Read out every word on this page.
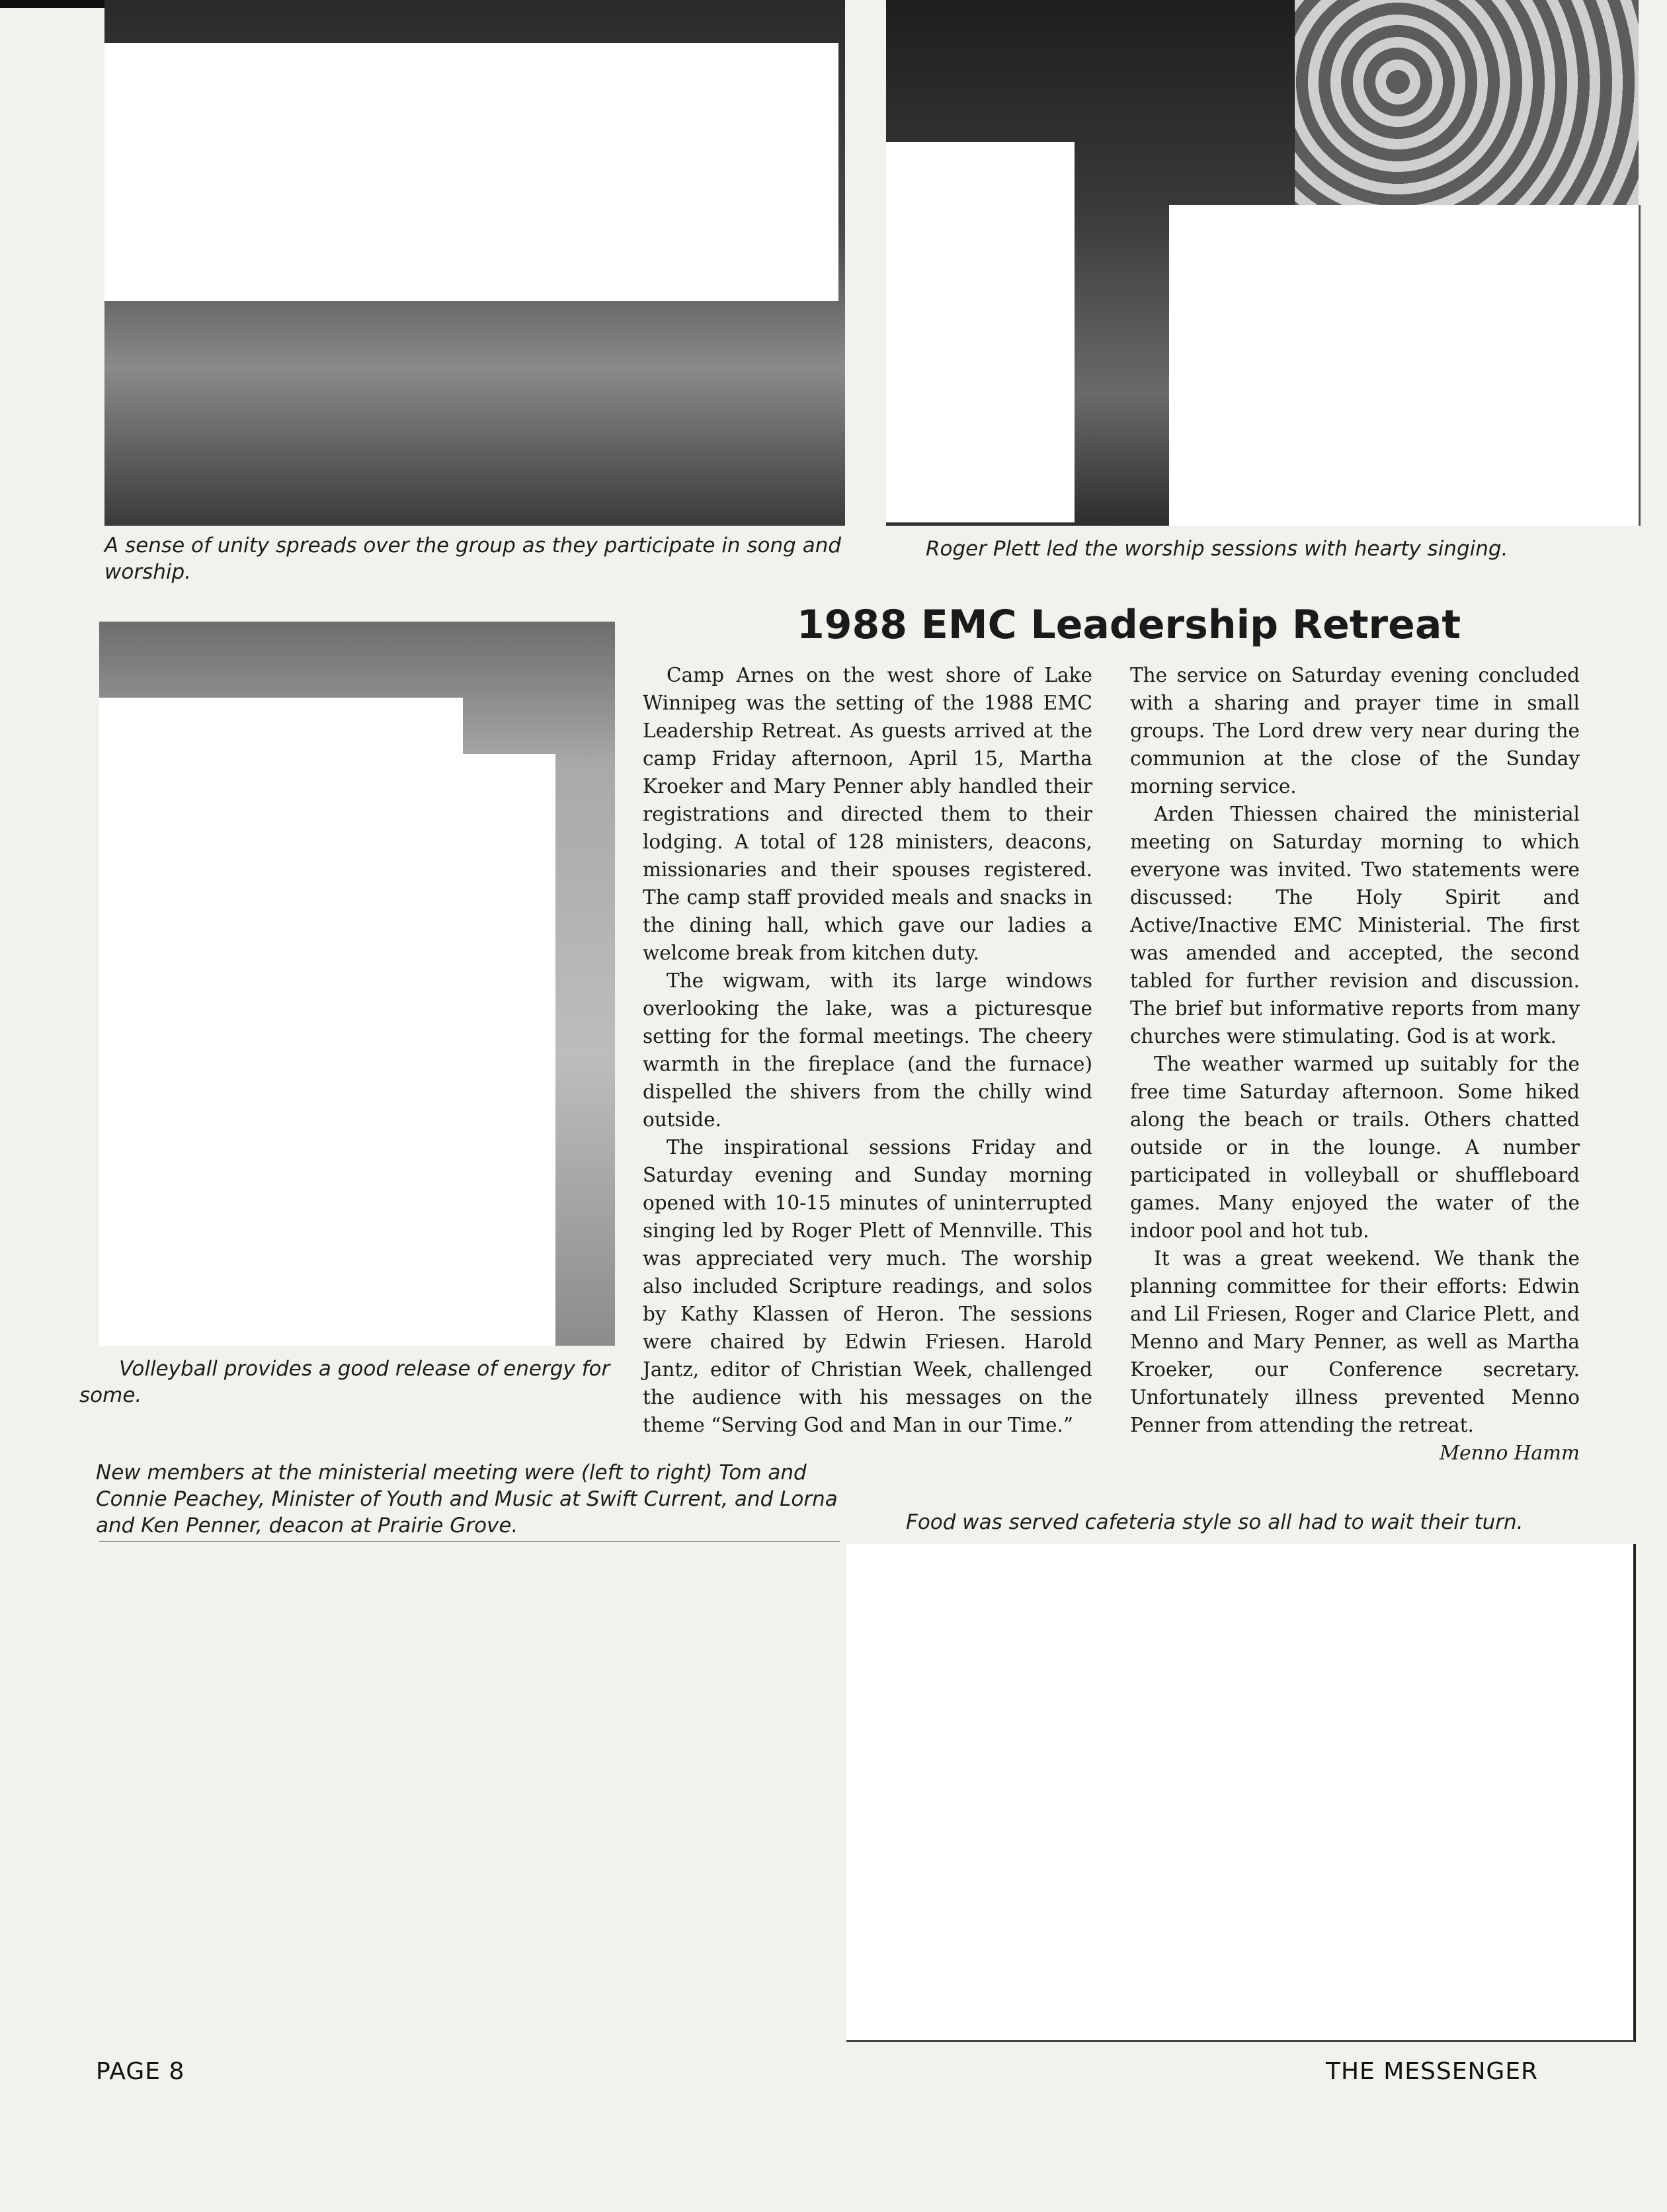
A sense of unity spreads over the group as they participate in song and worship.

Roger Plett led the worship sessions with hearty singing.

Volleyball provides a good release of energy for some.

1988 EMC Leadership Retreat

Camp Arnes on the west shore of Lake Winnipeg was the setting of the 1988 EMC Leadership Retreat. As guests arrived at the camp Friday afternoon, April 15, Martha Kroeker and Mary Penner ably handled their registrations and directed them to their lodging. A total of 128 ministers, deacons, missionaries and their spouses registered. The camp staff provided meals and snacks in the dining hall, which gave our ladies a welcome break from kitchen duty.

The wigwam, with its large windows overlooking the lake, was a picturesque setting for the formal meetings. The cheery warmth in the fireplace (and the furnace) dispelled the shivers from the chilly wind outside.

The inspirational sessions Friday and Saturday evening and Sunday morning opened with 10-15 minutes of uninterrupted singing led by Roger Plett of Mennville. This was appreciated very much. The worship also included Scripture readings, and solos by Kathy Klassen of Heron. The sessions were chaired by Edwin Friesen. Harold Jantz, editor of Christian Week, challenged the audience with his messages on the theme “Serving God and Man in our Time.”

The service on Saturday evening concluded with a sharing and prayer time in small groups. The Lord drew very near during the communion at the close of the Sunday morning service.

Arden Thiessen chaired the ministerial meeting on Saturday morning to which everyone was invited. Two statements were discussed: The Holy Spirit and Active/Inactive EMC Ministerial. The first was amended and accepted, the second tabled for further revision and discussion. The brief but informative reports from many churches were stimulating. God is at work.

The weather warmed up suitably for the free time Saturday afternoon. Some hiked along the beach or trails. Others chatted outside or in the lounge. A number participated in volleyball or shuffleboard games. Many enjoyed the water of the indoor pool and hot tub.

It was a great weekend. We thank the planning committee for their efforts: Edwin and Lil Friesen, Roger and Clarice Plett, and Menno and Mary Penner, as well as Martha Kroeker, our Conference secretary. Unfortunately illness prevented Menno Penner from attending the retreat.

Menno Hamm

New members at the ministerial meeting were (left to right) Tom and Connie Peachey, Minister of Youth and Music at Swift Current, and Lorna and Ken Penner, deacon at Prairie Grove.	Food was served cafeteria style so all had to wait their turn.

PAGE 8	THE MESSENGER
